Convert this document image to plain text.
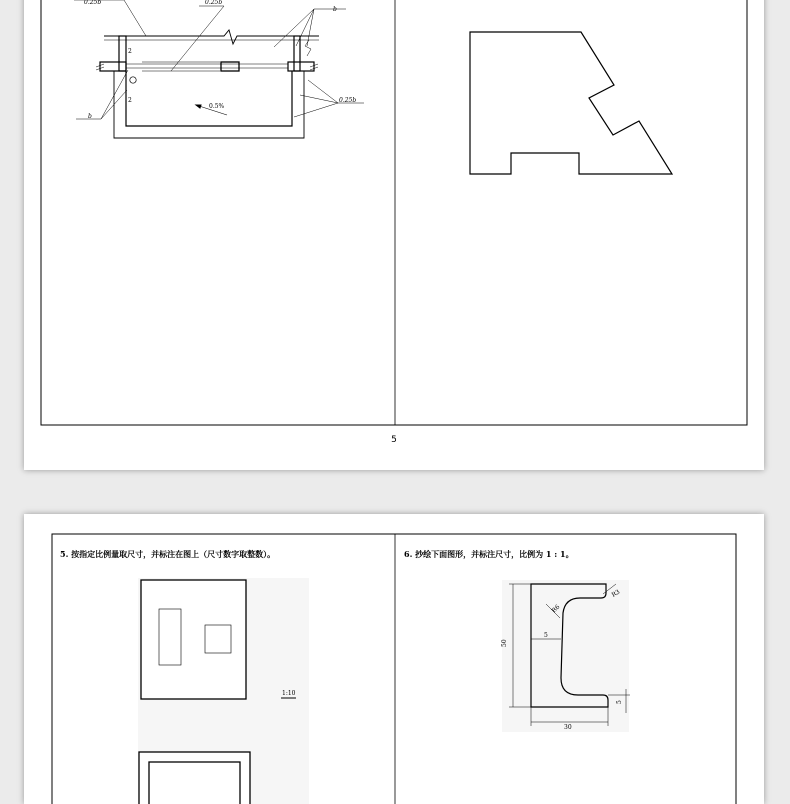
0.25b	0.25b
b
0.25b
b
0.5%
2
2
5
5. 按指定比例量取尺寸，并标注在图上（尺寸数字取整数）。
1:10
6. 抄绘下面图形，并标注尺寸，比例为 1 : 1。
50
30
R3
R6
5
5
